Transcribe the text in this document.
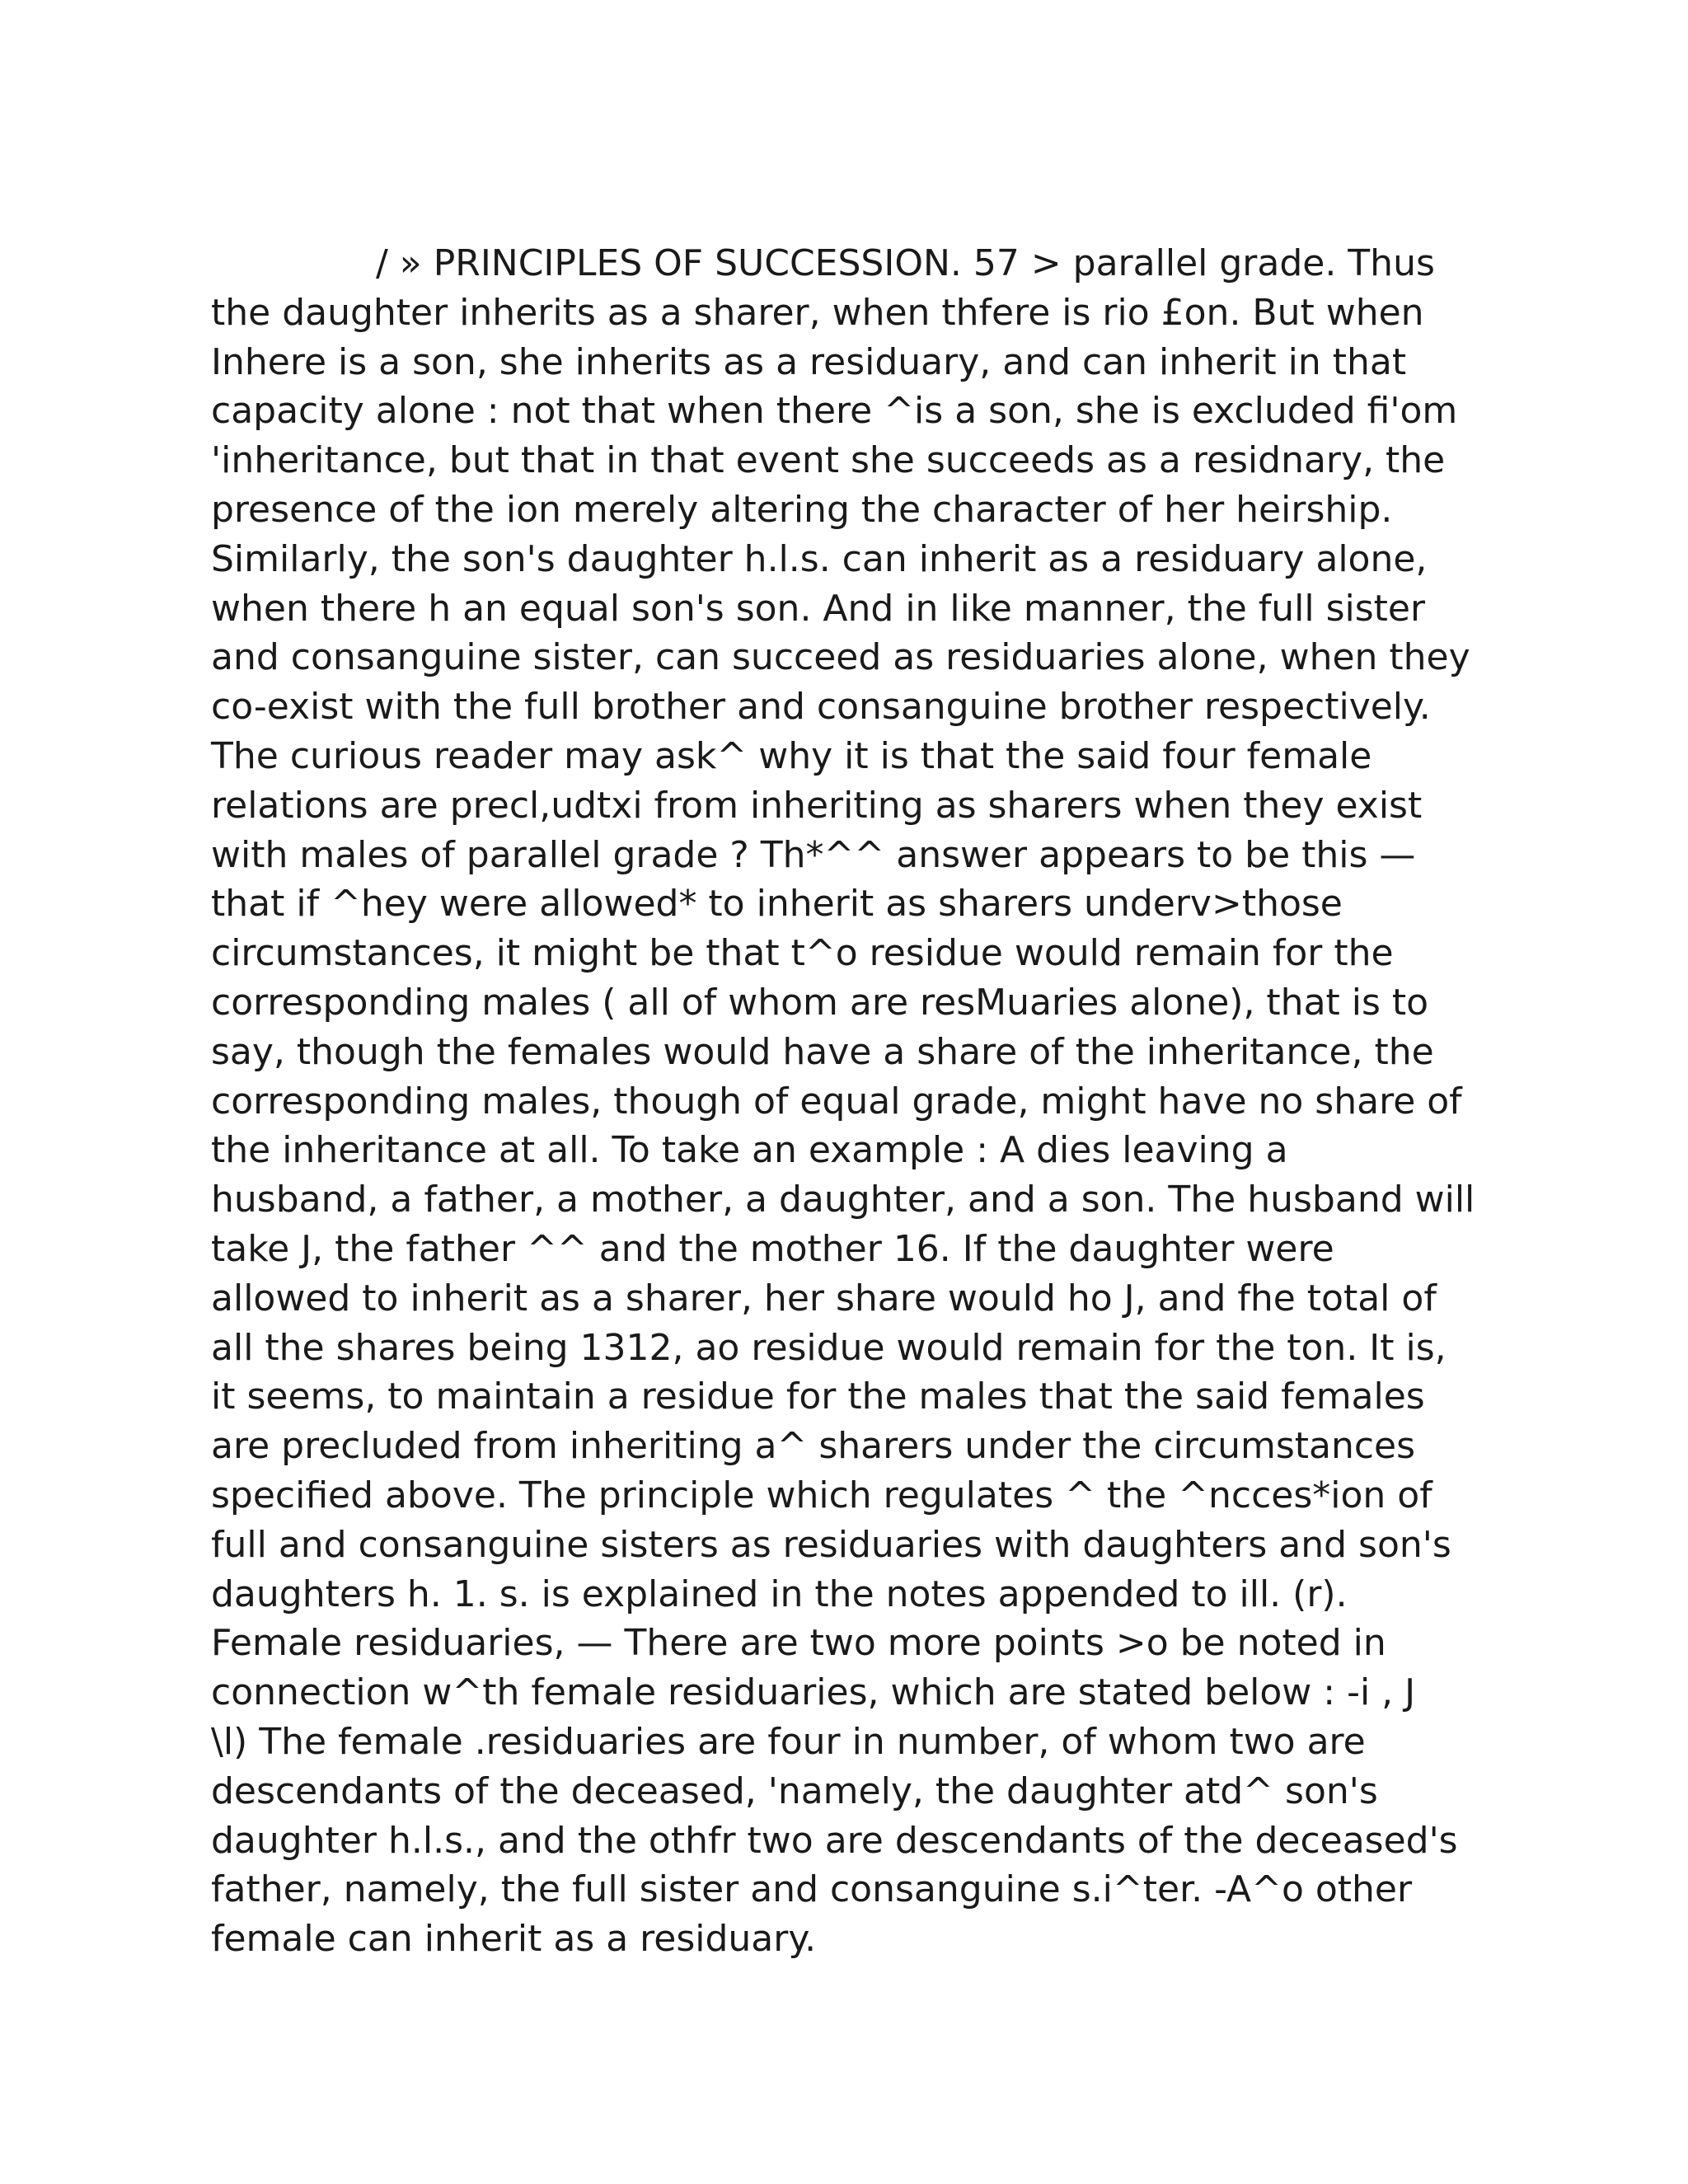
/ » PRINCIPLES OF SUCCESSION. 57 > parallel grade. Thus
the daughter inherits as a sharer, when thfere is rio £on. But when
Inhere is a son, she inherits as a residuary, and can inherit in that
capacity alone : not that when there ^is a son, she is excluded fi'om
'inheritance, but that in that event she succeeds as a residnary, the
presence of the ion merely altering the character of her heirship.
Similarly, the son's daughter h.l.s. can inherit as a residuary alone,
when there h an equal son's son. And in like manner, the full sister
and consanguine sister, can succeed as residuaries alone, when they
co-exist with the full brother and consanguine brother respectively.
The curious reader may ask^ why it is that the said four female
relations are precl,udtxi from inheriting as sharers when they exist
with males of parallel grade ? Th*^^ answer appears to be this —
that if ^hey were allowed* to inherit as sharers underv>those
circumstances, it might be that t^o residue would remain for the
corresponding males ( all of whom are resMuaries alone), that is to
say, though the females would have a share of the inheritance, the
corresponding males, though of equal grade, might have no share of
the inheritance at all. To take an example : A dies leaving a
husband, a father, a mother, a daughter, and a son. The husband will
take J, the father ^^ and the mother 16. If the daughter were
allowed to inherit as a sharer, her share would ho J, and fhe total of
all the shares being 1312, ao residue would remain for the ton. It is,
it seems, to maintain a residue for the males that the said females
are precluded from inheriting a^ sharers under the circumstances
specified above. The principle which regulates ^ the ^ncces*ion of
full and consanguine sisters as residuaries with daughters and son's
daughters h. 1. s. is explained in the notes appended to ill. (r).
Female residuaries, — There are two more points >o be noted in
connection w^th female residuaries, which are stated below : -i , J
\l) The female .residuaries are four in number, of whom two are
descendants of the deceased, 'namely, the daughter atd^ son's
daughter h.l.s., and the othfr two are descendants of the deceased's
father, namely, the full sister and consanguine s.i^ter. -A^o other
female can inherit as a residuary.
